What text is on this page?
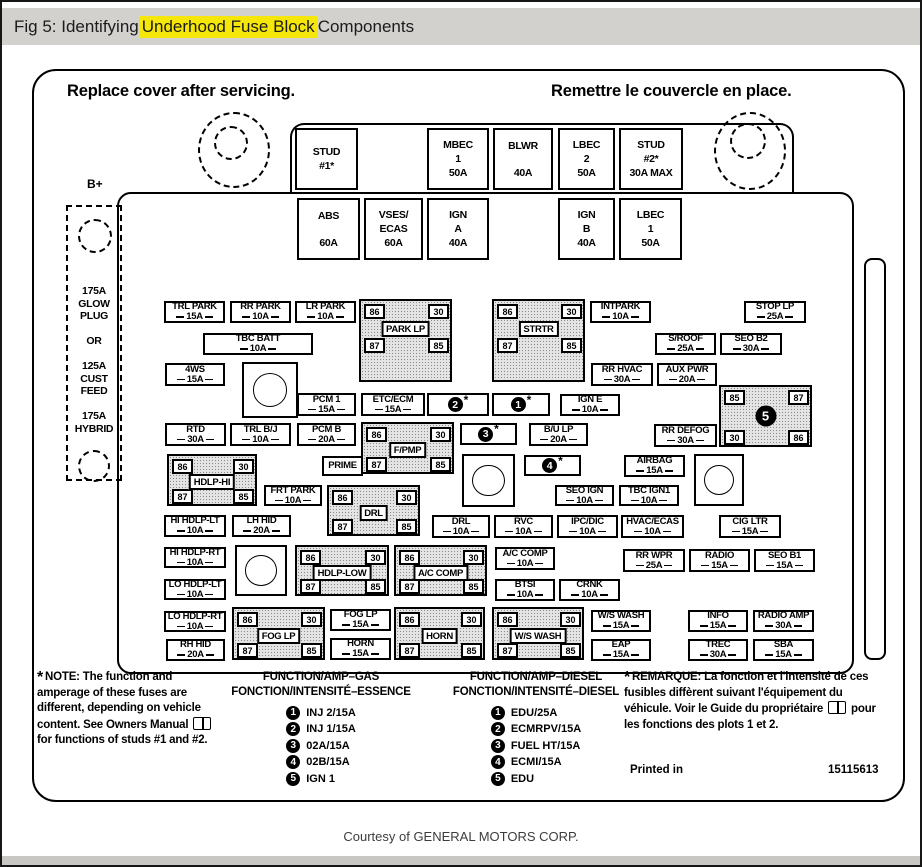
Fig 5: Identifying Underhood Fuse Block Components
Replace cover after servicing.	Remettre le couvercle en place.
B+
175A
GLOW
PLUG

OR

125A
CUST
FEED

175A
HYBRID
TRL PARK
15A
RR PARK
10A
LR PARK
10A
INTPARK
10A
STOP LP
25A
TBC BATT
10A
S/ROOF
25A
SEO B2
30A
4WS
15A
RR HVAC
30A
AUX PWR
20A
PCM 1
15A
ETC/ECM
15A
IGN E
10A
RTD
30A
TRL B/J
10A
PCM B
20A
B/U LP
20A
RR DEFOG
30A
PRIME	AIRBAG
15A
FRT PARK
10A
SEO IGN
10A
TBC IGN1
10A
HI HDLP-LT
10A
LH HID
20A
DRL
10A
RVC
10A
IPC/DIC
10A
HVAC/ECAS
10A
CIG LTR
15A
HI HDLP-RT
10A
A/C COMP
10A
RR WPR
25A
RADIO
15A
SEO B1
15A
LO HDLP-LT
10A
BTSI
10A
CRNK
10A
LO HDLP-RT
10A
FOG LP
15A
W/S WASH
15A
INFO
15A
RADIO AMP
30A
RH HID
20A
HORN
15A
EAP
15A
TREC
30A
SBA
15A
STUD
#1*
MBEC
1
50A
BLWR
40A
LBEC
2
50A
STUD
#2*
30A MAX
ABS
60A
VSES/
ECAS
60A
IGN
A
40A
IGN
B
40A
LBEC
1
50A
86	30
87	85
PARK LP
86	30
87	85
STRTR
85	87
30	86
5
86	30
87	85
F/PMP
86	30
87	85
HDLP-HI
86	30
87	85
DRL
86	30
87	85
HDLP-LOW
86	30
87	85
A/C COMP
86	30
87	85
FOG LP
86	30
87	85
HORN
86	30
87	85
W/S WASH
2 *	1 *
3 *
4 *
* NOTE: The function and amperage of these fuses are different, depending on vehicle content. See Owners Manual  for functions of studs #1 and #2.
FUNCTION/AMP–GAS
FONCTION/INTENSITÉ–ESSENCE
1 INJ 2/15A
2 INJ 1/15A
3 02A/15A
4 02B/15A
5 IGN 1
FUNCTION/AMP–DIESEL
FONCTION/INTENSITÉ–DIESEL
1 EDU/25A
2 ECMRPV/15A
3 FUEL HT/15A
4 ECMI/15A
5 EDU
* REMARQUE: La fonction et l'intensité de ces fusibles diffèrent suivant l'équipement du véhicule. Voir le Guide du propriétaire pour les fonctions des plots 1 et 2.
Printed in	15115613
Courtesy of GENERAL MOTORS CORP.
